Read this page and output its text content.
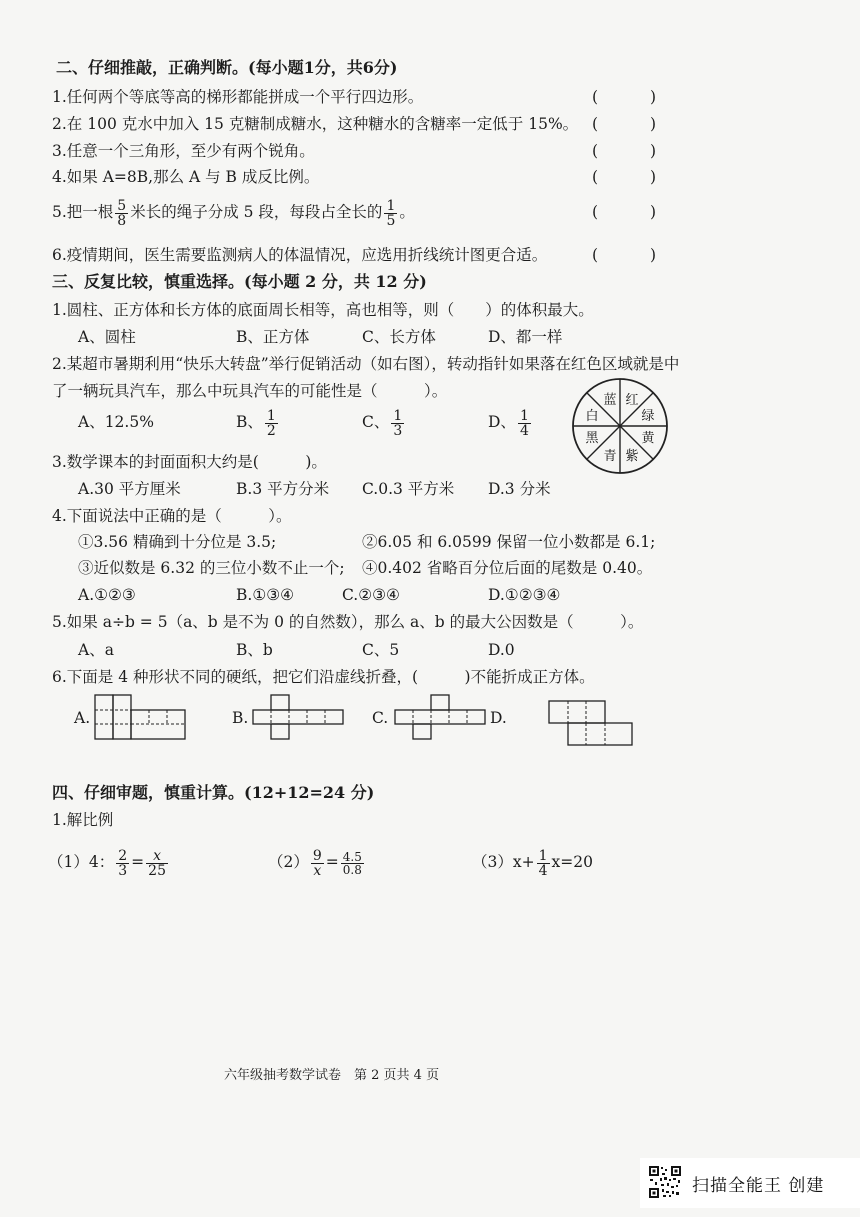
二、仔细推敲，正确判断。(每小题1分，共6分)
1.任何两个等底等高的梯形都能拼成一个平行四边形。	(	)
2.在 100 克水中加入 15 克糖制成糖水，这种糖水的含糖率一定低于 15%。 (	)
3.任意一个三角形，至少有两个锐角。	(	)
4.如果 A=8B,那么 A 与 B 成反比例。	(	)
5.把一根 $\frac{5}{8}$ 米长的绳子分成 5 段，每段占全长的 $\frac{1}{5}$ 。	(	)
6.疫情期间，医生需要监测病人的体温情况，应选用折线统计图更合适。	(	)
三、反复比较，慎重选择。(每小题 2 分，共 12 分)
1.圆柱、正方体和长方体的底面周长相等，高也相等，则（　　）的体积最大。
A、圆柱	B、正方体	C、长方体	D、都一样
2.某超市暑期利用“快乐大转盘”举行促销活动（如右图），转动指针如果落在红色区域就是中
了一辆玩具汽车，那么中玩具汽车的可能性是（　　　）。
A、12.5%	B、 $\frac{1}{2}$	C、 $\frac{1}{3}$	D、 $\frac{1}{4}$
蓝 红
绿
黄
紫
青
黑
白
3.数学课本的封面面积大约是(　　　)。
A.30 平方厘米	B.3 平方分米 C.0.3 平方米 D.3 分米
4.下面说法中正确的是（　　　）。
①3.56 精确到十分位是 3.5;	②6.05 和 6.0599 保留一位小数都是 6.1;
③近似数是 6.32 的三位小数不止一个; ④0.402 省略百分位后面的尾数是 0.40。
A.①②③	B.①③④	C.②③④	D.①②③④
5.如果 a÷b = 5（a、b 是不为 0 的自然数），那么 a、b 的最大公因数是（　　　）。
A、a	B、b	C、5	D.0
6.下面是 4 种形状不同的硬纸，把它们沿虚线折叠，(　　　)不能折成正方体。
A.	B.	C.	D.
四、仔细审题，慎重计算。(12+12=24 分)
1.解比例
（1）4： $\frac{2}{3} = \frac{x}{25}$	$(2) \frac{9}{x} = \frac{4.5}{0.8}$	$(3)x+ \frac{1}{4} x=20$
六年级抽考数学试卷　第 2 页共 4 页
扫描全能王 创建
